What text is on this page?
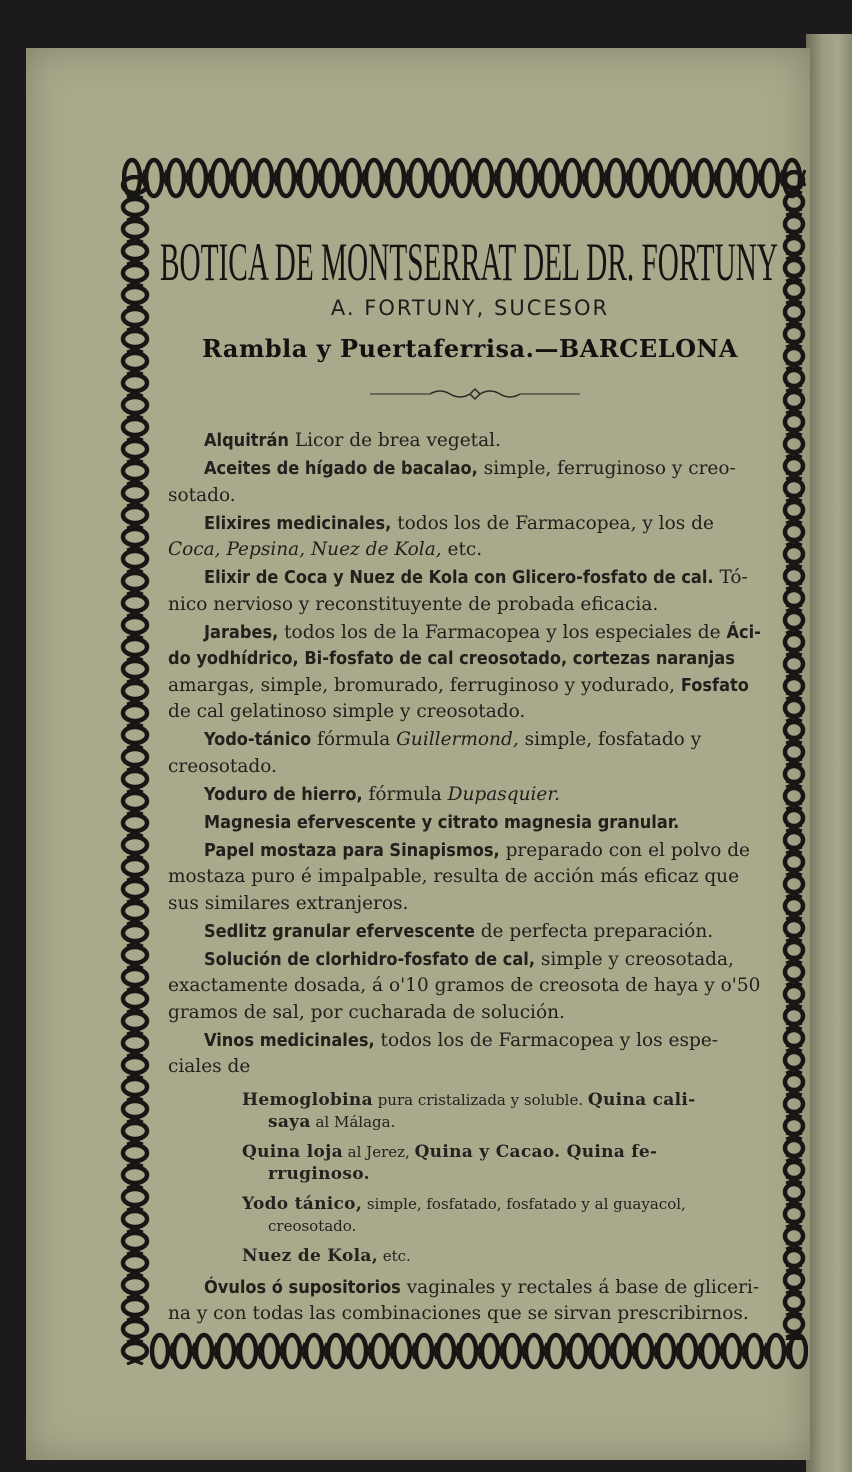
BOTICA DE MONTSERRAT DEL DR. FORTUNY
A. FORTUNY, SUCESOR
Rambla y Puertaferrisa.—BARCELONA

Alquitrán Licor de brea vegetal.

Aceites de hígado de bacalao, simple, ferruginoso y creo-
sotado.

Elixires medicinales, todos los de Farmacopea, y los de
Coca, Pepsina, Nuez de Kola, etc.

Elixir de Coca y Nuez de Kola con Glicero-fosfato de cal. Tó-
nico nervioso y reconstituyente de probada eficacia.

Jarabes, todos los de la Farmacopea y los especiales de Áci-
do yodhídrico, Bi-fosfato de cal creosotado, cortezas naranjas
amargas, simple, bromurado, ferruginoso y yodurado, Fosfato
de cal gelatinoso simple y creosotado.

Yodo-tánico fórmula Guillermond, simple, fosfatado y
creosotado.

Yoduro de hierro, fórmula Dupasquier.

Magnesia efervescente y citrato magnesia granular.

Papel mostaza para Sinapismos, preparado con el polvo de
mostaza puro é impalpable, resulta de acción más eficaz que
sus similares extranjeros.

Sedlitz granular efervescente de perfecta preparación.

Solución de clorhidro-fosfato de cal, simple y creosotada,
exactamente dosada, á o'10 gramos de creosota de haya y o'50
gramos de sal, por cucharada de solución.

Vinos medicinales, todos los de Farmacopea y los espe-
ciales de

Hemoglobina pura cristalizada y soluble. Quina cali-
saya al Málaga.

Quina loja al Jerez, Quina y Cacao. Quina fe-
rruginoso.

Yodo tánico, simple, fosfatado, fosfatado y al guayacol,
creosotado.

Nuez de Kola, etc.

Óvulos ó supositorios vaginales y rectales á base de gliceri-
na y con todas las combinaciones que se sirvan prescribirnos.
